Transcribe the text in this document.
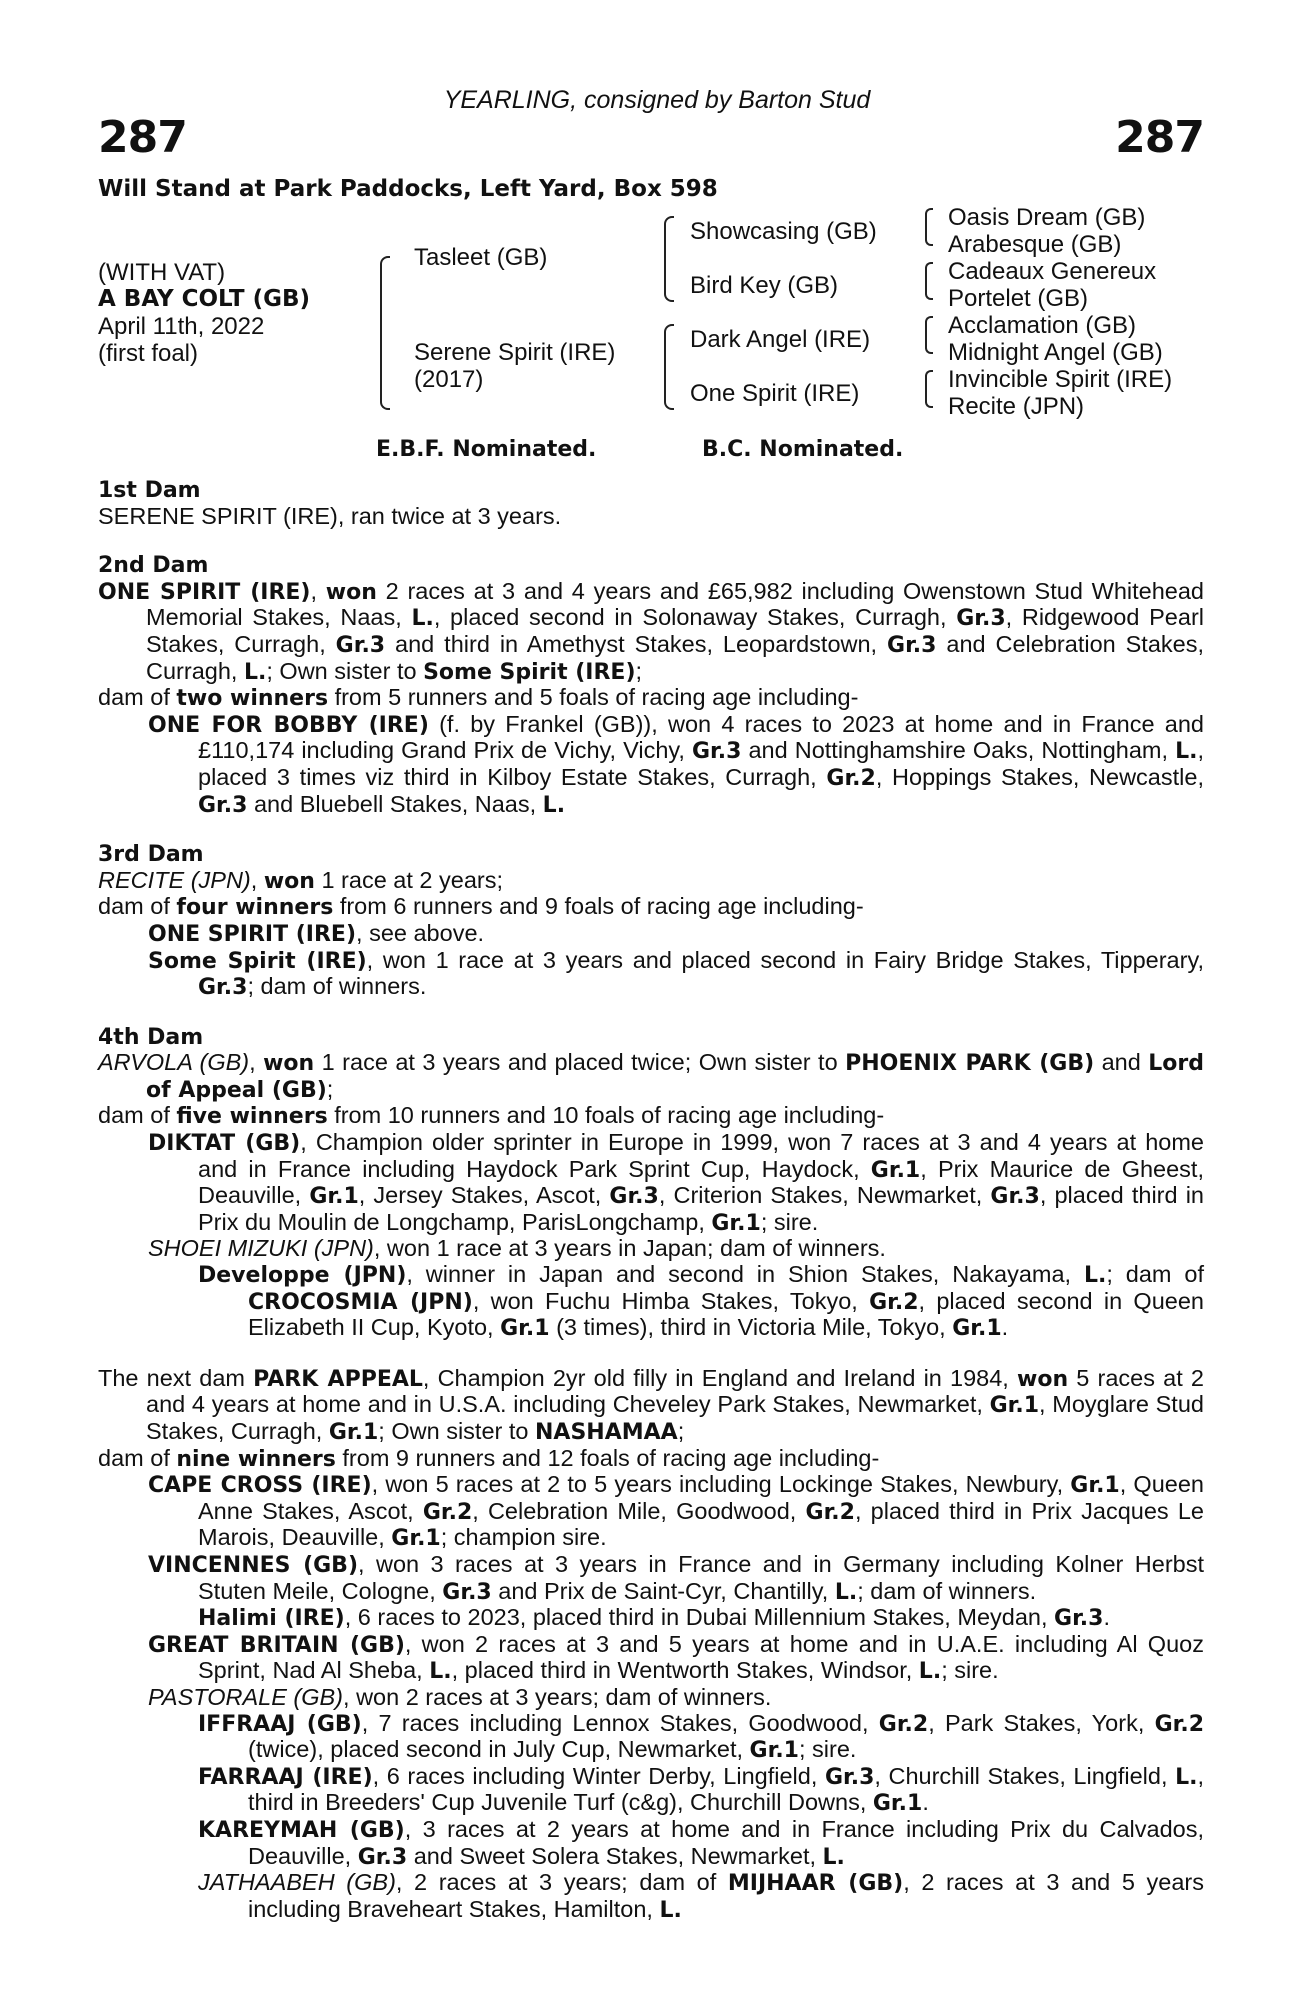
287	287
YEARLING, consigned by Barton Stud
Will Stand at Park Paddocks, Left Yard, Box 598
(WITH VAT)
A BAY COLT (GB)
April 11th, 2022
(first foal)
Tasleet (GB)
Serene Spirit (IRE)
(2017)
Showcasing (GB)
Bird Key (GB)
Dark Angel (IRE)
One Spirit (IRE)
Oasis Dream (GB)
Arabesque (GB)
Cadeaux Genereux
Portelet (GB)
Acclamation (GB)
Midnight Angel (GB)
Invincible Spirit (IRE)
Recite (JPN)
E.B.F. Nominated.	B.C. Nominated.
1st Dam

SERENE SPIRIT (IRE), ran twice at 3 years.

2nd Dam

ONE SPIRIT (IRE), won 2 races at 3 and 4 years and £65,982 including Owenstown Stud Whitehead Memorial Stakes, Naas, L., placed second in Solonaway Stakes, Curragh, Gr.3, Ridgewood Pearl Stakes, Curragh, Gr.3 and third in Amethyst Stakes, Leopardstown, Gr.3 and Celebration Stakes, Curragh, L.; Own sister to Some Spirit (IRE);

dam of two winners from 5 runners and 5 foals of racing age including-

ONE FOR BOBBY (IRE) (f. by Frankel (GB)), won 4 races to 2023 at home and in France and £110,174 including Grand Prix de Vichy, Vichy, Gr.3 and Nottinghamshire Oaks, Nottingham, L., placed 3 times viz third in Kilboy Estate Stakes, Curragh, Gr.2, Hoppings Stakes, Newcastle, Gr.3 and Bluebell Stakes, Naas, L.

3rd Dam

RECITE (JPN), won 1 race at 2 years;

dam of four winners from 6 runners and 9 foals of racing age including-

ONE SPIRIT (IRE), see above.

Some Spirit (IRE), won 1 race at 3 years and placed second in Fairy Bridge Stakes, Tipperary, Gr.3; dam of winners.

4th Dam

ARVOLA (GB), won 1 race at 3 years and placed twice; Own sister to PHOENIX PARK (GB) and Lord of Appeal (GB);

dam of five winners from 10 runners and 10 foals of racing age including-

DIKTAT (GB), Champion older sprinter in Europe in 1999, won 7 races at 3 and 4 years at home and in France including Haydock Park Sprint Cup, Haydock, Gr.1, Prix Maurice de Gheest, Deauville, Gr.1, Jersey Stakes, Ascot, Gr.3, Criterion Stakes, Newmarket, Gr.3, placed third in Prix du Moulin de Longchamp, ParisLongchamp, Gr.1; sire.

SHOEI MIZUKI (JPN), won 1 race at 3 years in Japan; dam of winners.

Developpe (JPN), winner in Japan and second in Shion Stakes, Nakayama, L.; dam of CROCOSMIA (JPN), won Fuchu Himba Stakes, Tokyo, Gr.2, placed second in Queen Elizabeth II Cup, Kyoto, Gr.1 (3 times), third in Victoria Mile, Tokyo, Gr.1.

The next dam PARK APPEAL, Champion 2yr old filly in England and Ireland in 1984, won 5 races at 2 and 4 years at home and in U.S.A. including Cheveley Park Stakes, Newmarket, Gr.1, Moyglare Stud Stakes, Curragh, Gr.1; Own sister to NASHAMAA;

dam of nine winners from 9 runners and 12 foals of racing age including-

CAPE CROSS (IRE), won 5 races at 2 to 5 years including Lockinge Stakes, Newbury, Gr.1, Queen Anne Stakes, Ascot, Gr.2, Celebration Mile, Goodwood, Gr.2, placed third in Prix Jacques Le Marois, Deauville, Gr.1; champion sire.

VINCENNES (GB), won 3 races at 3 years in France and in Germany including Kolner Herbst Stuten Meile, Cologne, Gr.3 and Prix de Saint-Cyr, Chantilly, L.; dam of winners.

Halimi (IRE), 6 races to 2023, placed third in Dubai Millennium Stakes, Meydan, Gr.3.

GREAT BRITAIN (GB), won 2 races at 3 and 5 years at home and in U.A.E. including Al Quoz Sprint, Nad Al Sheba, L., placed third in Wentworth Stakes, Windsor, L.; sire.

PASTORALE (GB), won 2 races at 3 years; dam of winners.

IFFRAAJ (GB), 7 races including Lennox Stakes, Goodwood, Gr.2, Park Stakes, York, Gr.2 (twice), placed second in July Cup, Newmarket, Gr.1; sire.

FARRAAJ (IRE), 6 races including Winter Derby, Lingfield, Gr.3, Churchill Stakes, Lingfield, L., third in Breeders' Cup Juvenile Turf (c&g), Churchill Downs, Gr.1.

KAREYMAH (GB), 3 races at 2 years at home and in France including Prix du Calvados, Deauville, Gr.3 and Sweet Solera Stakes, Newmarket, L.

JATHAABEH (GB), 2 races at 3 years; dam of MIJHAAR (GB), 2 races at 3 and 5 years including Braveheart Stakes, Hamilton, L.
